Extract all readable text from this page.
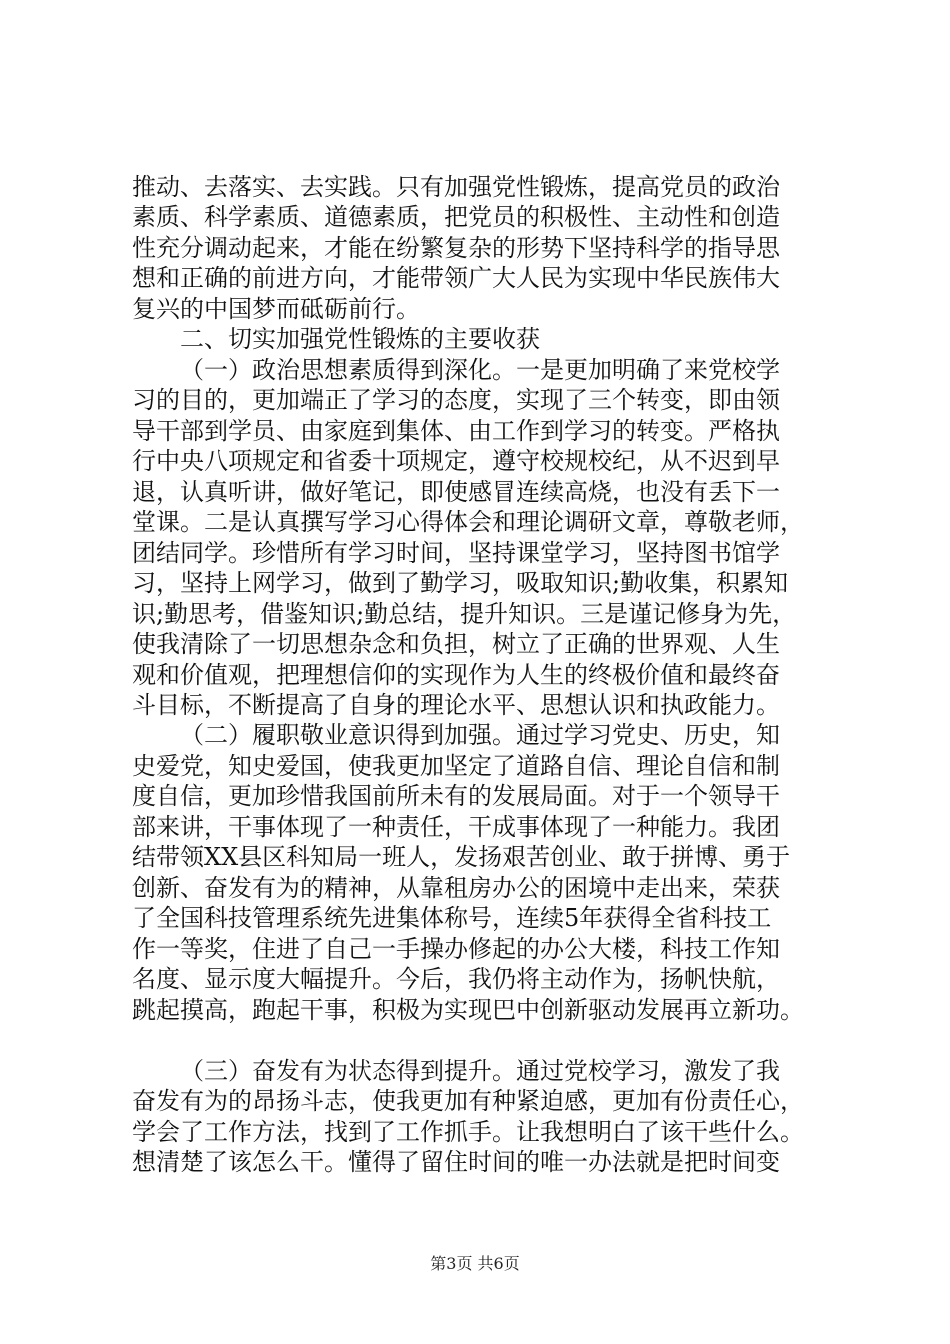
推动、去落实、去实践。只有加强党性锻炼，提高党员的政治
素质、科学素质、道德素质，把党员的积极性、主动性和创造
性充分调动起来，才能在纷繁复杂的形势下坚持科学的指导思
想和正确的前进方向，才能带领广大人民为实现中华民族伟大
复兴的中国梦而砥砺前行。
二、切实加强党性锻炼的主要收获
（一）政治思想素质得到深化。一是更加明确了来党校学
习的目的，更加端正了学习的态度，实现了三个转变，即由领
导干部到学员、由家庭到集体、由工作到学习的转变。严格执
行中央八项规定和省委十项规定，遵守校规校纪，从不迟到早
退，认真听讲，做好笔记，即使感冒连续高烧，也没有丢下一
堂课。二是认真撰写学习心得体会和理论调研文章，尊敬老师，
团结同学。珍惜所有学习时间，坚持课堂学习，坚持图书馆学
习，坚持上网学习，做到了勤学习，吸取知识;勤收集，积累知
识;勤思考，借鉴知识;勤总结，提升知识。三是谨记修身为先，
使我清除了一切思想杂念和负担，树立了正确的世界观、人生
观和价值观，把理想信仰的实现作为人生的终极价值和最终奋
斗目标，不断提高了自身的理论水平、思想认识和执政能力。
（二）履职敬业意识得到加强。通过学习党史、历史，知
史爱党，知史爱国，使我更加坚定了道路自信、理论自信和制
度自信，更加珍惜我国前所未有的发展局面。对于一个领导干
部来讲，干事体现了一种责任，干成事体现了一种能力。我团
结带领XX县区科知局一班人，发扬艰苦创业、敢于拼博、勇于
创新、奋发有为的精神，从靠租房办公的困境中走出来，荣获
了全国科技管理系统先进集体称号，连续5年获得全省科技工
作一等奖，住进了自己一手操办修起的办公大楼，科技工作知
名度、显示度大幅提升。今后，我仍将主动作为，扬帆快航，
跳起摸高，跑起干事，积极为实现巴中创新驱动发展再立新功。
（三）奋发有为状态得到提升。通过党校学习，激发了我
奋发有为的昂扬斗志，使我更加有种紧迫感，更加有份责任心，
学会了工作方法，找到了工作抓手。让我想明白了该干些什么。
想清楚了该怎么干。懂得了留住时间的唯一办法就是把时间变
第3页 共6页
